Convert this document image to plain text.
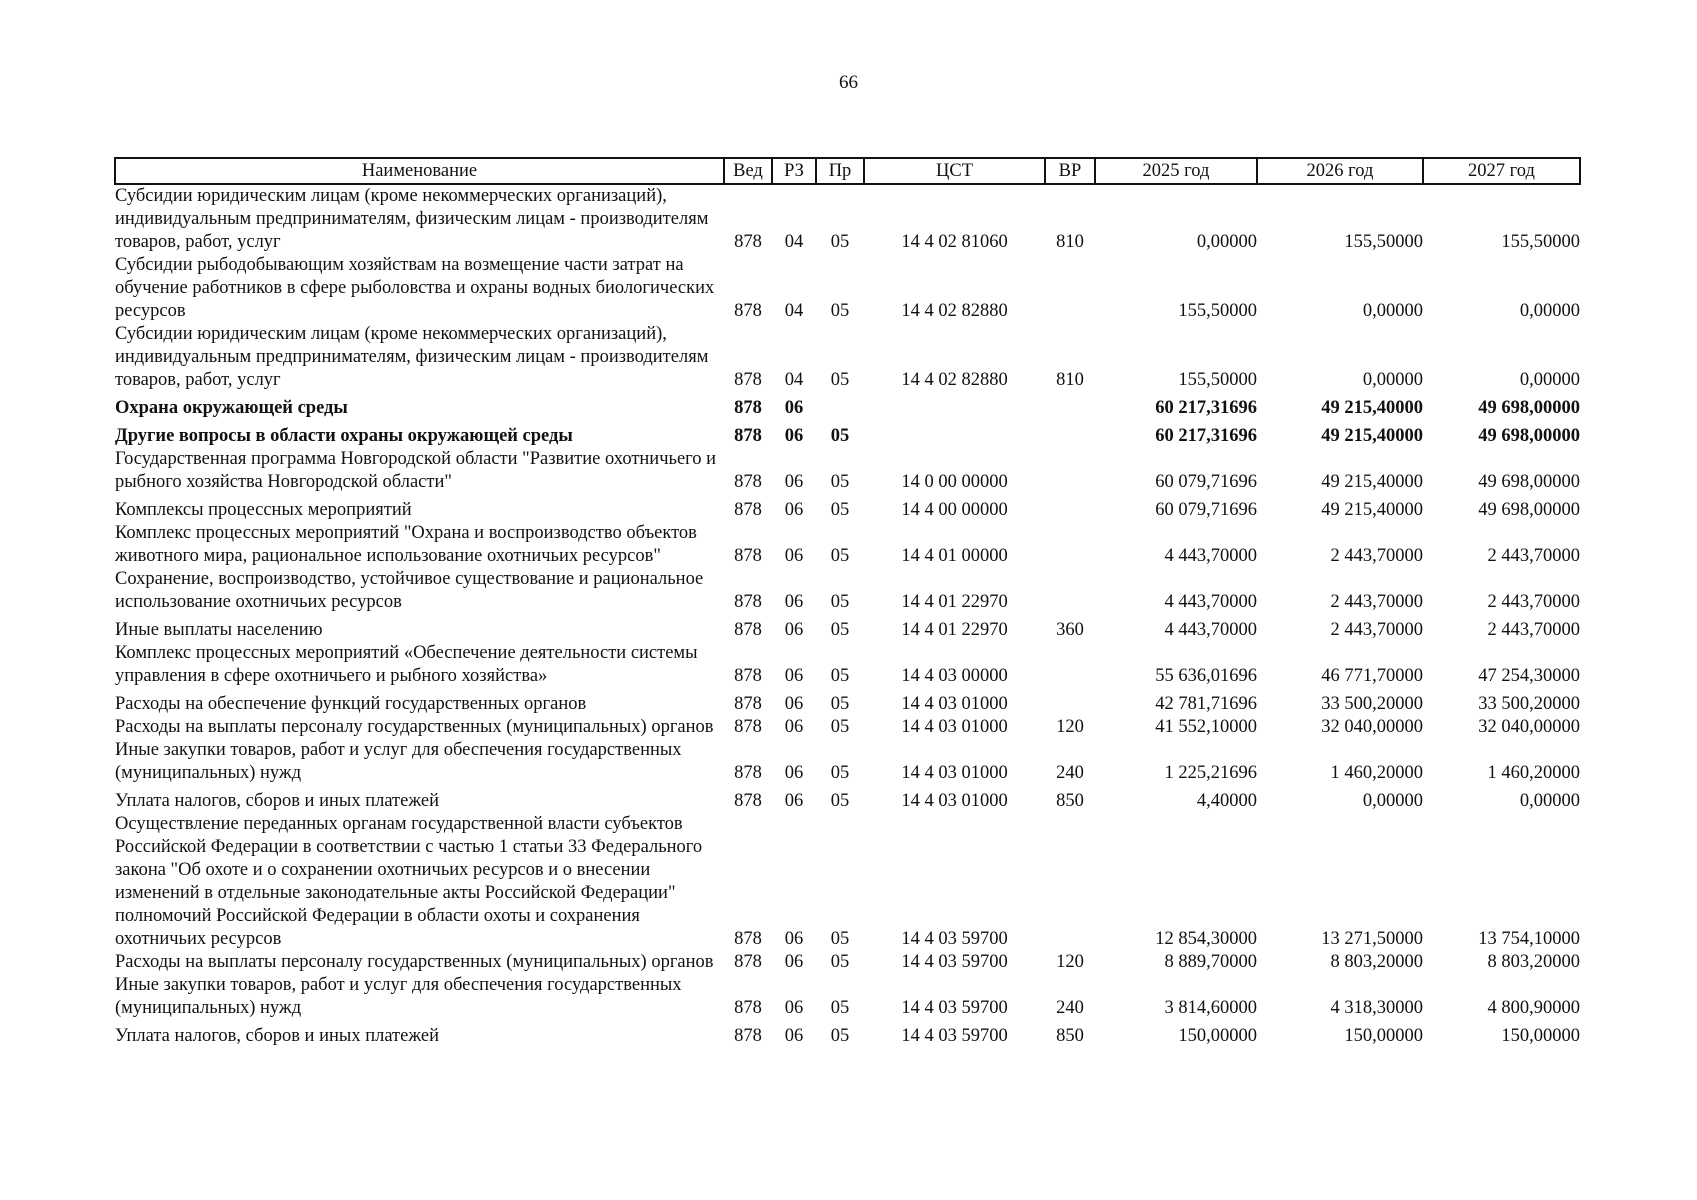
66
Наименование	Вед	РЗ	Пр	ЦСТ	ВР	2025 год	2026 год	2027 год
Субсидии юридическим лицам (кроме некоммерческих организаций), индивидуальным предпринимателям, физическим лицам - производителям товаров, работ, услуг	878	04	05	14 4 02 81060	810	0,00000	155,50000	155,50000
Субсидии рыбодобывающим хозяйствам на возмещение части затрат на обучение работников в сфере рыболовства и охраны водных биологических ресурсов	878	04	05	14 4 02 82880		155,50000	0,00000	0,00000
Субсидии юридическим лицам (кроме некоммерческих организаций), индивидуальным предпринимателям, физическим лицам - производителям товаров, работ, услуг	878	04	05	14 4 02 82880	810	155,50000	0,00000	0,00000
Охрана окружающей среды	878	06				60 217,31696	49 215,40000	49 698,00000
Другие вопросы в области охраны окружающей среды	878	06	05			60 217,31696	49 215,40000	49 698,00000
Государственная программа Новгородской области "Развитие охотничьего и рыбного хозяйства Новгородской области"	878	06	05	14 0 00 00000		60 079,71696	49 215,40000	49 698,00000
Комплексы процессных мероприятий	878	06	05	14 4 00 00000		60 079,71696	49 215,40000	49 698,00000
Комплекс процессных мероприятий "Охрана и воспроизводство объектов животного мира, рациональное использование охотничьих ресурсов"	878	06	05	14 4 01 00000		4 443,70000	2 443,70000	2 443,70000
Сохранение, воспроизводство, устойчивое существование и рациональное использование охотничьих ресурсов	878	06	05	14 4 01 22970		4 443,70000	2 443,70000	2 443,70000
Иные выплаты населению	878	06	05	14 4 01 22970	360	4 443,70000	2 443,70000	2 443,70000
Комплекс процессных мероприятий «Обеспечение деятельности системы управления в сфере охотничьего и рыбного хозяйства»	878	06	05	14 4 03 00000		55 636,01696	46 771,70000	47 254,30000
Расходы на обеспечение функций государственных органов	878	06	05	14 4 03 01000		42 781,71696	33 500,20000	33 500,20000
Расходы на выплаты персоналу государственных (муниципальных) органов	878	06	05	14 4 03 01000	120	41 552,10000	32 040,00000	32 040,00000
Иные закупки товаров, работ и услуг для обеспечения государственных (муниципальных) нужд	878	06	05	14 4 03 01000	240	1 225,21696	1 460,20000	1 460,20000
Уплата налогов, сборов и иных платежей	878	06	05	14 4 03 01000	850	4,40000	0,00000	0,00000
Осуществление переданных органам государственной власти субъектов Российской Федерации в соответствии с частью 1 статьи 33 Федерального закона "Об охоте и о сохранении охотничьих ресурсов и о внесении изменений в отдельные законодательные акты Российской Федерации" полномочий Российской Федерации в области охоты и сохранения охотничьих ресурсов	878	06	05	14 4 03 59700		12 854,30000	13 271,50000	13 754,10000
Расходы на выплаты персоналу государственных (муниципальных) органов	878	06	05	14 4 03 59700	120	8 889,70000	8 803,20000	8 803,20000
Иные закупки товаров, работ и услуг для обеспечения государственных (муниципальных) нужд	878	06	05	14 4 03 59700	240	3 814,60000	4 318,30000	4 800,90000
Уплата налогов, сборов и иных платежей	878	06	05	14 4 03 59700	850	150,00000	150,00000	150,00000
